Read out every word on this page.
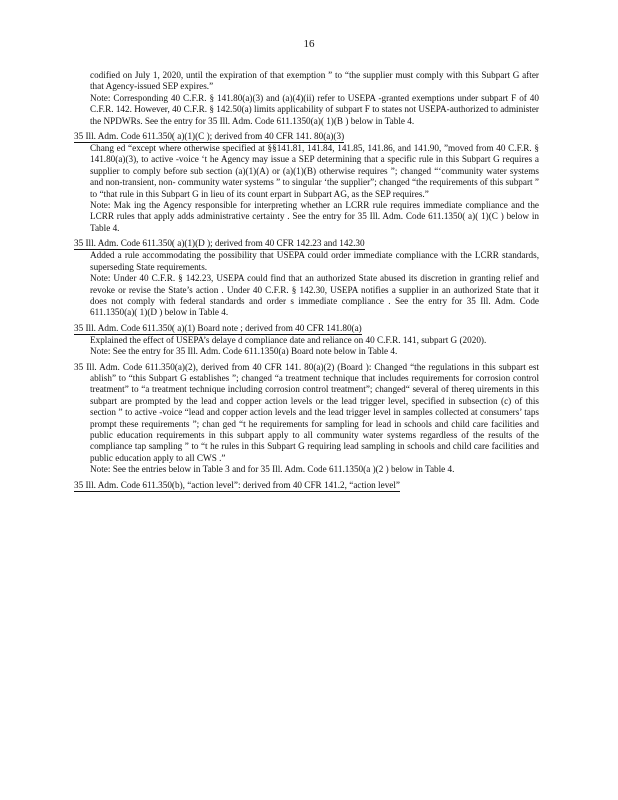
16

codified on July 1, 2020, until the expiration of that exemption ” to “the supplier must comply with this Subpart G after that Agency-issued SEP expires.”

Note: Corresponding 40 C.F.R. § 141.80(a)(3) and (a)(4)(ii) refer to USEPA -granted exemptions under subpart F of 40 C.F.R. 142. However, 40 C.F.R. § 142.50(a) limits applicability of subpart F to states not USEPA-authorized to administer the NPDWRs. See the entry for 35 Ill. Adm. Code 611.1350(a)( 1)(B ) below in Table 4.

35 Ill. Adm. Code 611.350( a)(1)(C ); derived from 40 CFR 141. 80(a)(3)

Chang ed “except where otherwise specified at §§141.81, 141.84, 141.85, 141.86, and 141.90, ”moved from 40 C.F.R. § 141.80(a)(3), to active -voice ‘t he Agency may issue a SEP determining that a specific rule in this Subpart G requires a supplier to comply before sub section (a)(1)(A) or (a)(1)(B) otherwise requires ”; changed “‘community water systems and non-transient, non- community water systems ” to singular ‘the supplier”; changed “the requirements of this subpart ” to “that rule in this Subpart G in lieu of its count erpart in Subpart AG, as the SEP requires.”

Note: Mak ing the Agency responsible for interpreting whether an LCRR rule requires immediate compliance and the LCRR rules that apply adds administrative certainty . See the entry for 35 Ill. Adm. Code 611.1350( a)( 1)(C ) below in Table 4.

35 Ill. Adm. Code 611.350( a)(1)(D ); derived from 40 CFR 142.23 and 142.30

Added a rule accommodating the possibility that USEPA could order immediate compliance with the LCRR standards, superseding State requirements.

Note: Under 40 C.F.R. § 142.23, USEPA could find that an authorized State abused its discretion in granting relief and revoke or revise the State’s action . Under 40 C.F.R. § 142.30, USEPA notifies a supplier in an authorized State that it does not comply with federal standards and order s immediate compliance . See the entry for 35 Ill. Adm. Code 611.1350(a)( 1)(D ) below in Table 4.

35 Ill. Adm. Code 611.350( a)(1) Board note ; derived from 40 CFR 141.80(a)

Explained the effect of USEPA’s delaye d compliance date and reliance on 40 C.F.R. 141, subpart G (2020).

Note: See the entry for 35 Ill. Adm. Code 611.1350(a) Board note below in Table 4.

35 Ill. Adm. Code 611.350(a)(2), derived from 40 CFR 141. 80(a)(2) (Board ): Changed “the regulations in this subpart est ablish” to “this Subpart G establishes ”; changed “a treatment technique that includes requirements for corrosion control treatment” to “a treatment technique including corrosion control treatment”; changed“ several of thereq uirements in this subpart are prompted by the lead and copper action levels or the lead trigger level, specified in subsection (c) of this section ” to active -voice “lead and copper action levels and the lead trigger level in samples collected at consumers’ taps prompt these requirements ”; chan ged “t he requirements for sampling for lead in schools and child care facilities and public education requirements in this subpart apply to all community water systems regardless of the results of the compliance tap sampling ” to “t he rules in this Subpart G requiring lead sampling in schools and child care facilities and public education apply to all CWS .”

Note: See the entries below in Table 3 and for 35 Ill. Adm. Code 611.1350(a )(2 ) below in Table 4.

35 Ill. Adm. Code 611.350(b), “action level”: derived from 40 CFR 141.2, “action level”
